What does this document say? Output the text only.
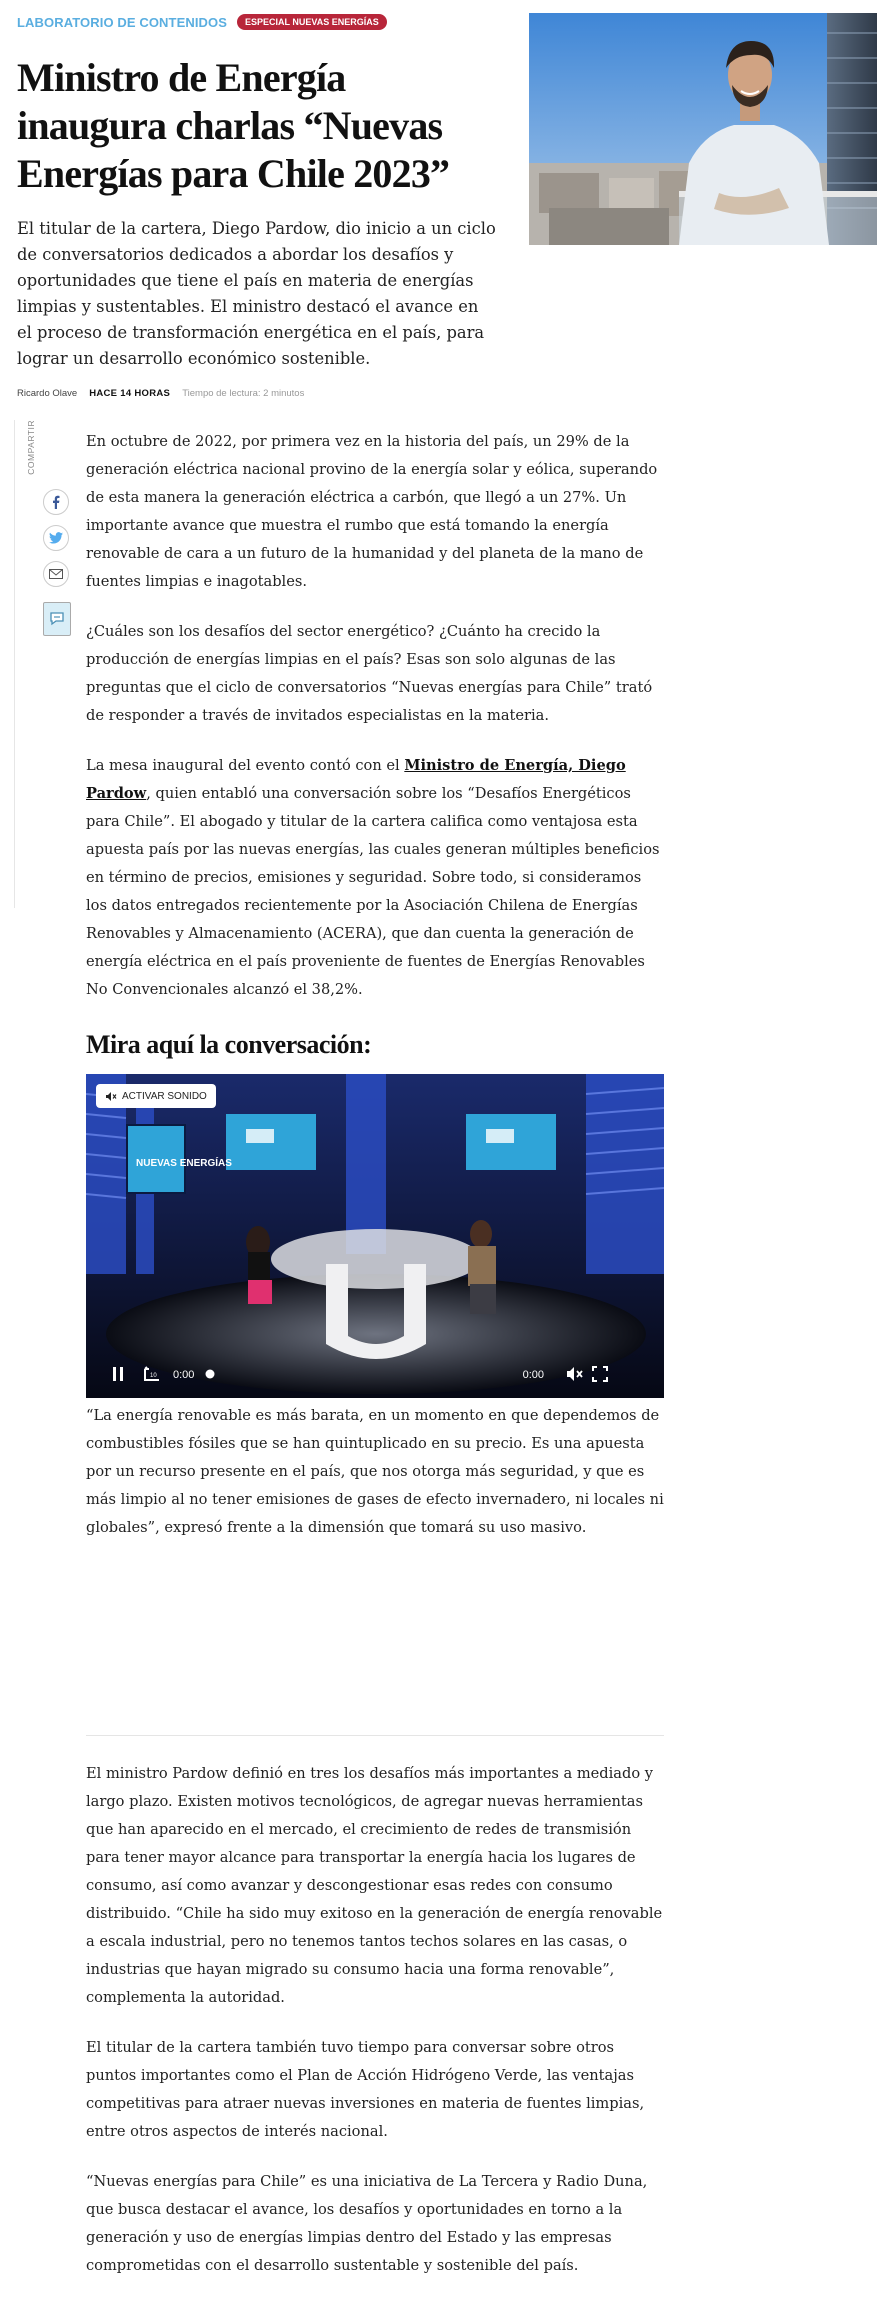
LABORATORIO DE CONTENIDOS	ESPECIAL NUEVAS ENERGÍAS
Ministro de Energía inaugura charlas “Nuevas Energías para Chile 2023”

El titular de la cartera, Diego Pardow, dio inicio a un ciclo de conversatorios dedicados a abordar los desafíos y oportunidades que tiene el país en materia de energías limpias y sustentables. El ministro destacó el avance en el proceso de transformación energética en el país, para lograr un desarrollo económico sostenible.

Ricardo Olave HACE 14 HORAS Tiempo de lectura: 2 minutos
COMPARTIR	En octubre de 2022, por primera vez en la historia del país, un 29% de la generación eléctrica nacional provino de la energía solar y eólica, superando de esta manera la generación eléctrica a carbón, que llegó a un 27%. Un importante avance que muestra el rumbo que está tomando la energía renovable de cara a un futuro de la humanidad y del planeta de la mano de fuentes limpias e inagotables.

¿Cuáles son los desafíos del sector energético? ¿Cuánto ha crecido la producción de energías limpias en el país? Esas son solo algunas de las preguntas que el ciclo de conversatorios “Nuevas energías para Chile” trató de responder a través de invitados especialistas en la materia.

La mesa inaugural del evento contó con el Ministro de Energía, Diego Pardow, quien entabló una conversación sobre los “Desafíos Energéticos para Chile”. El abogado y titular de la cartera califica como ventajosa esta apuesta país por las nuevas energías, las cuales generan múltiples beneficios en término de precios, emisiones y seguridad. Sobre todo, si consideramos los datos entregados recientemente por la Asociación Chilena de Energías Renovables y Almacenamiento (ACERA), que dan cuenta la generación de energía eléctrica en el país proveniente de fuentes de Energías Renovables No Convencionales alcanzó el 38,2%.

Mira aquí la conversación:
NUEVAS ENERGÍAS
ACTIVAR SONIDO
10 0:00	0:00

“La energía renovable es más barata, en un momento en que dependemos de combustibles fósiles que se han quintuplicado en su precio. Es una apuesta por un recurso presente en el país, que nos otorga más seguridad, y que es más limpio al no tener emisiones de gases de efecto invernadero, ni locales ni globales”, expresó frente a la dimensión que tomará su uso masivo.

El ministro Pardow definió en tres los desafíos más importantes a mediado y largo plazo. Existen motivos tecnológicos, de agregar nuevas herramientas que han aparecido en el mercado, el crecimiento de redes de transmisión para tener mayor alcance para transportar la energía hacia los lugares de consumo, así como avanzar y descongestionar esas redes con consumo distribuido. “Chile ha sido muy exitoso en la generación de energía renovable a escala industrial, pero no tenemos tantos techos solares en las casas, o industrias que hayan migrado su consumo hacia una forma renovable”, complementa la autoridad.

El titular de la cartera también tuvo tiempo para conversar sobre otros puntos importantes como el Plan de Acción Hidrógeno Verde, las ventajas competitivas para atraer nuevas inversiones en materia de fuentes limpias, entre otros aspectos de interés nacional.

“Nuevas energías para Chile” es una iniciativa de La Tercera y Radio Duna, que busca destacar el avance, los desafíos y oportunidades en torno a la generación y uso de energías limpias dentro del Estado y las empresas comprometidas con el desarrollo sustentable y sostenible del país.
